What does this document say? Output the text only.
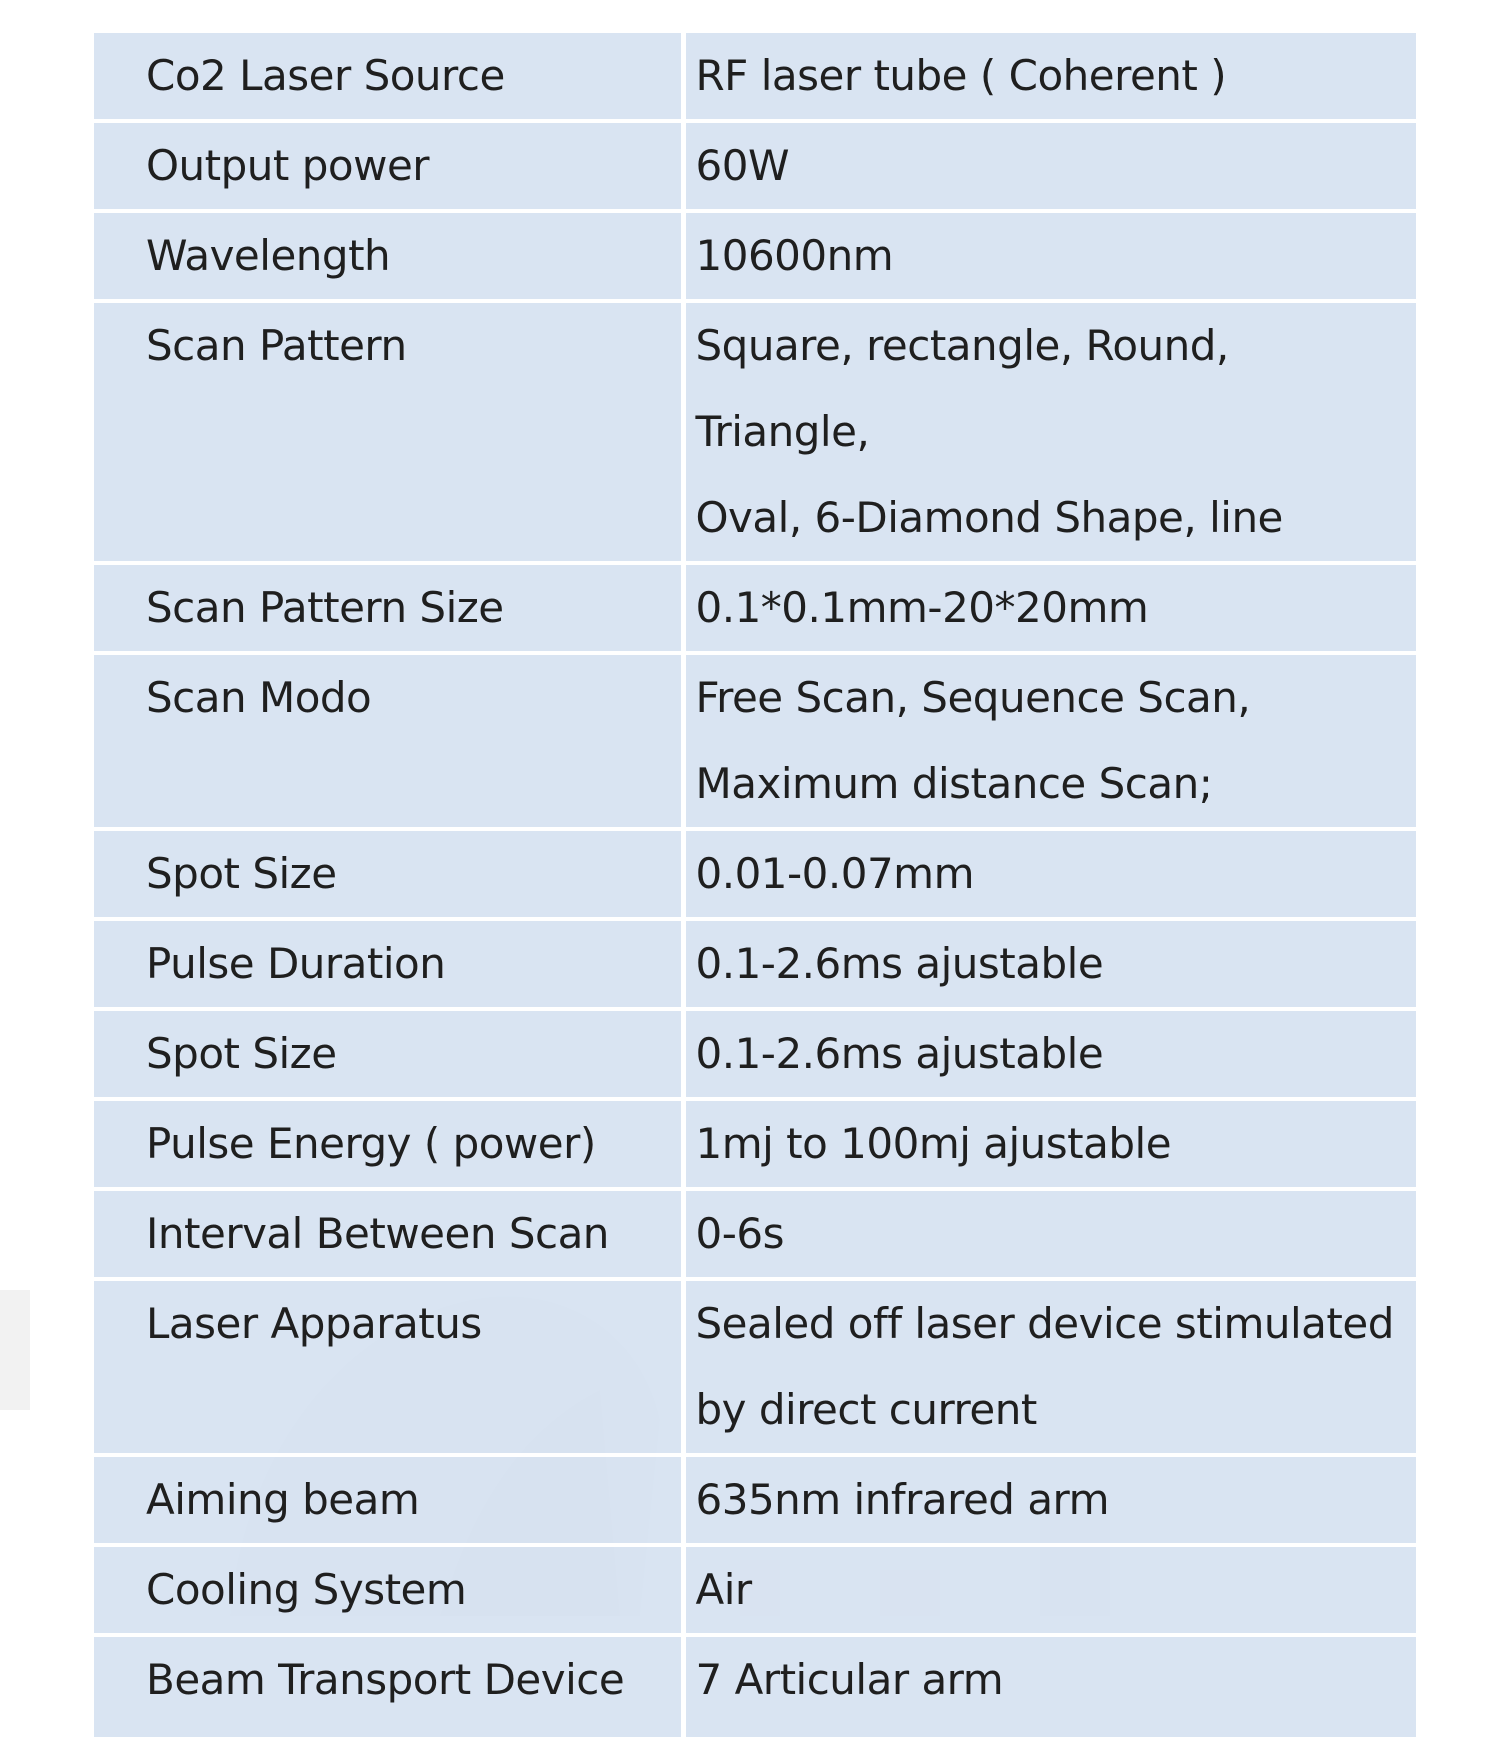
Co2 Laser Source	RF laser tube ( Coherent )

Output power	60W

Wavelength	10600nm

Scan Pattern	Square, rectangle, Round, Triangle,
Oval, 6-Diamond Shape, line

Scan Pattern Size	0.1*0.1mm-20*20mm

Scan Modo	Free Scan, Sequence Scan,
Maximum distance Scan;

Spot Size	0.01-0.07mm

Pulse Duration	0.1-2.6ms ajustable

Spot Size	0.1-2.6ms ajustable

Pulse Energy ( power)	1mj to 100mj ajustable

Interval Between Scan	0-6s

Laser Apparatus	Sealed off laser device stimulated
by direct current

Aiming beam	635nm infrared arm

Cooling System	Air

Beam Transport Device	7 Articular arm
